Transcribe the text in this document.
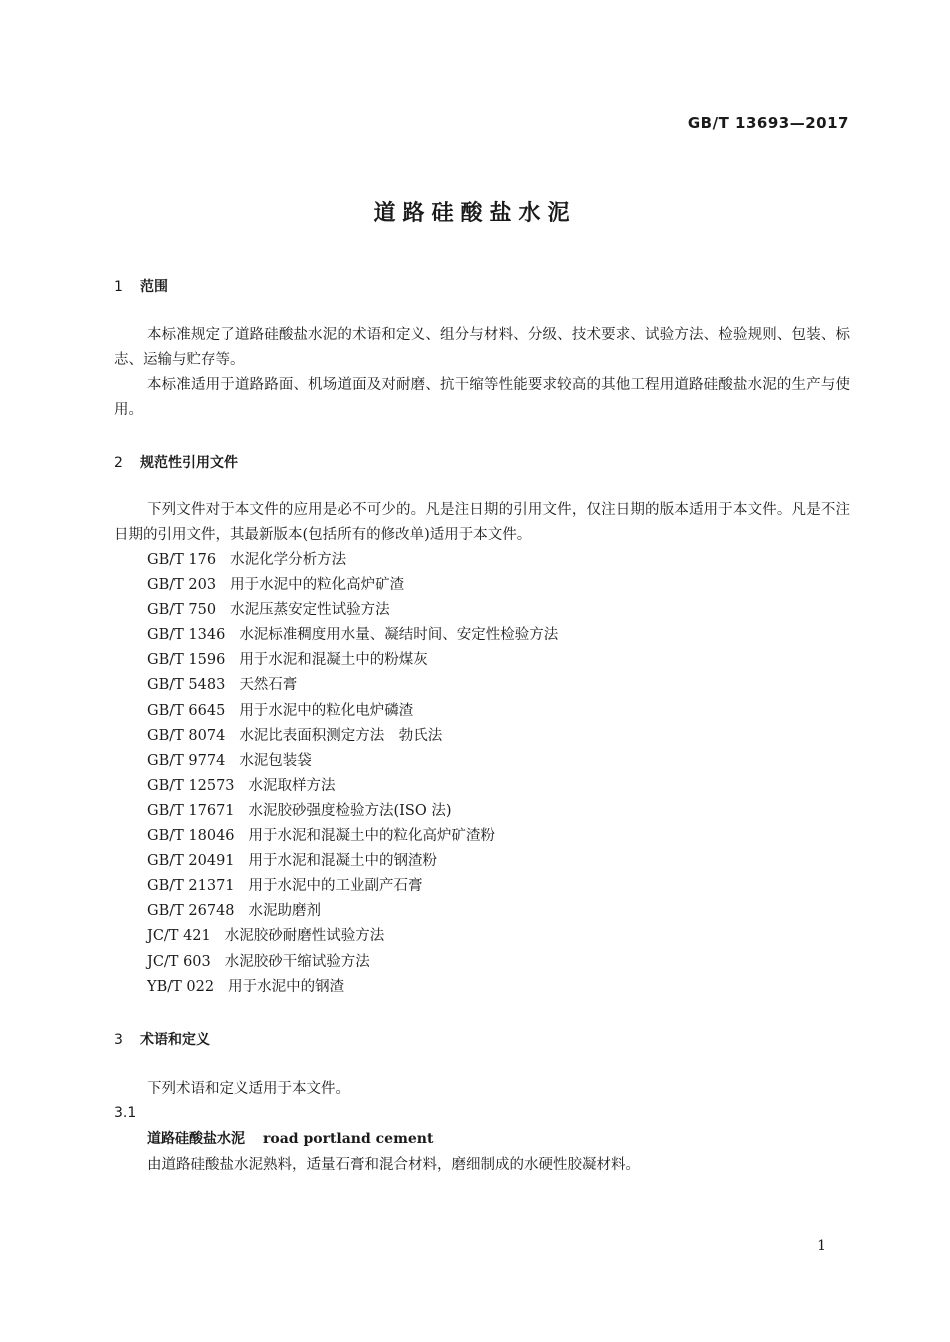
GB/T 13693—2017
道路硅酸盐水泥
1 范围
本标准规定了道路硅酸盐水泥的术语和定义、组分与材料、分级、技术要求、试验方法、检验规则、包装、标志、运输与贮存等。
本标准适用于道路路面、机场道面及对耐磨、抗干缩等性能要求较高的其他工程用道路硅酸盐水泥的生产与使用。
2 规范性引用文件
下列文件对于本文件的应用是必不可少的。凡是注日期的引用文件，仅注日期的版本适用于本文件。凡是不注日期的引用文件，其最新版本(包括所有的修改单)适用于本文件。
GB/T 176 水泥化学分析方法
GB/T 203 用于水泥中的粒化高炉矿渣
GB/T 750 水泥压蒸安定性试验方法
GB/T 1346 水泥标准稠度用水量、凝结时间、安定性检验方法
GB/T 1596 用于水泥和混凝土中的粉煤灰
GB/T 5483 天然石膏
GB/T 6645 用于水泥中的粒化电炉磷渣
GB/T 8074 水泥比表面积测定方法　勃氏法
GB/T 9774 水泥包装袋
GB/T 12573 水泥取样方法
GB/T 17671 水泥胶砂强度检验方法(ISO 法)
GB/T 18046 用于水泥和混凝土中的粒化高炉矿渣粉
GB/T 20491 用于水泥和混凝土中的钢渣粉
GB/T 21371 用于水泥中的工业副产石膏
GB/T 26748 水泥助磨剂
JC/T 421 水泥胶砂耐磨性试验方法
JC/T 603 水泥胶砂干缩试验方法
YB/T 022 用于水泥中的钢渣
3 术语和定义
下列术语和定义适用于本文件。
3.1
道路硅酸盐水泥 road portland cement
由道路硅酸盐水泥熟料，适量石膏和混合材料，磨细制成的水硬性胶凝材料。
1
